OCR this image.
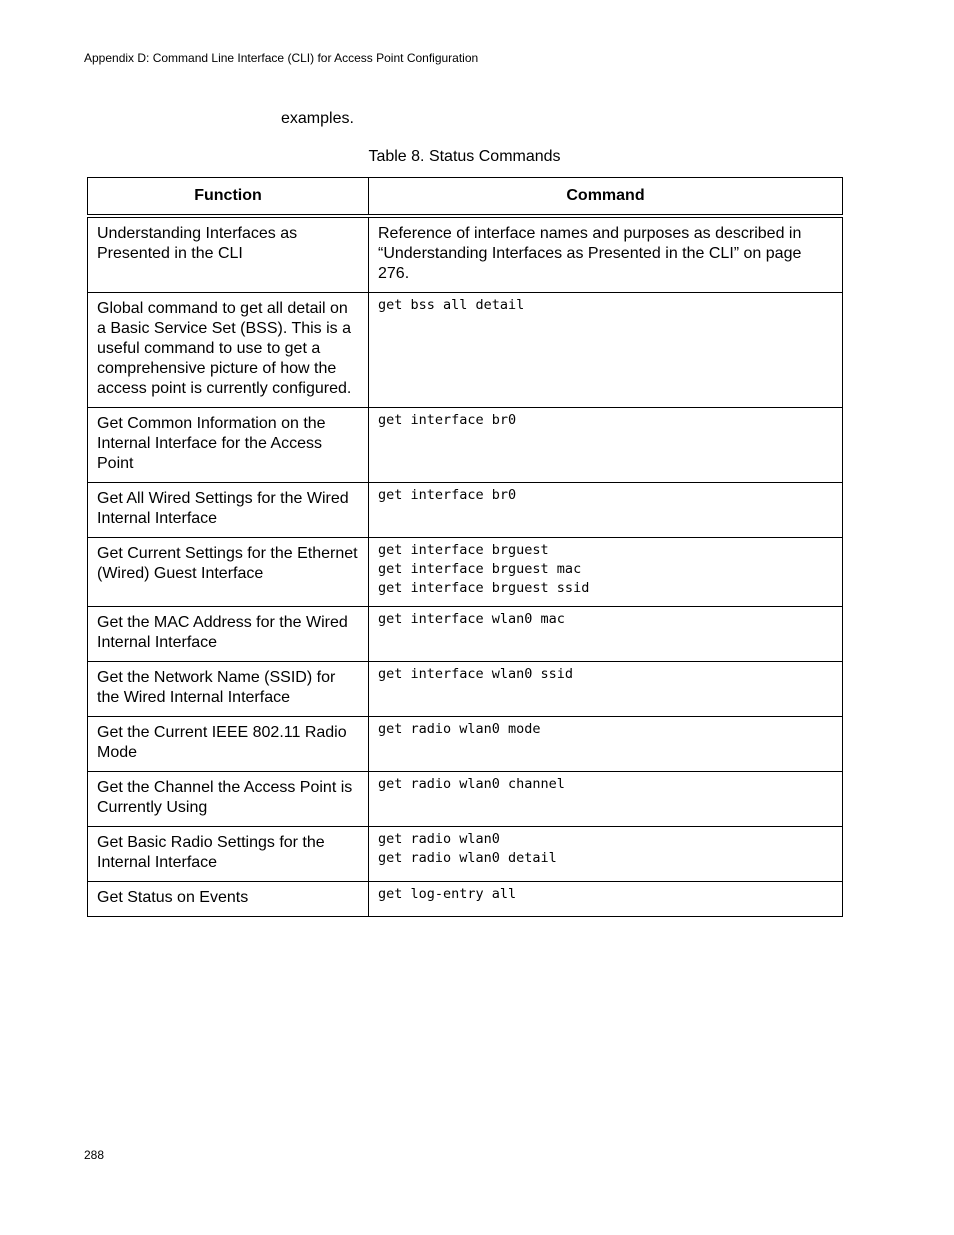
Appendix D: Command Line Interface (CLI) for Access Point Configuration
examples.
Table 8. Status Commands
Function	Command
Understanding Interfaces as Presented in the CLI	Reference of interface names and purposes as described in “Understanding Interfaces as Presented in the CLI” on page 276.

Global command to get all detail on a Basic Service Set (BSS). This is a useful command to use to get a comprehensive picture of how the access point is currently configured.	get bss all detail

Get Common Information on the Internal Interface for the Access Point	get interface br0

Get All Wired Settings for the Wired Internal Interface	get interface br0

Get Current Settings for the Ethernet (Wired) Guest Interface	get interface brguest
get interface brguest mac
get interface brguest ssid

Get the MAC Address for the Wired Internal Interface	get interface wlan0 mac

Get the Network Name (SSID) for the Wired Internal Interface	get interface wlan0 ssid

Get the Current IEEE 802.11 Radio Mode	get radio wlan0 mode

Get the Channel the Access Point is Currently Using	get radio wlan0 channel

Get Basic Radio Settings for the Internal Interface	get radio wlan0
get radio wlan0 detail

Get Status on Events	get log-entry all
288
